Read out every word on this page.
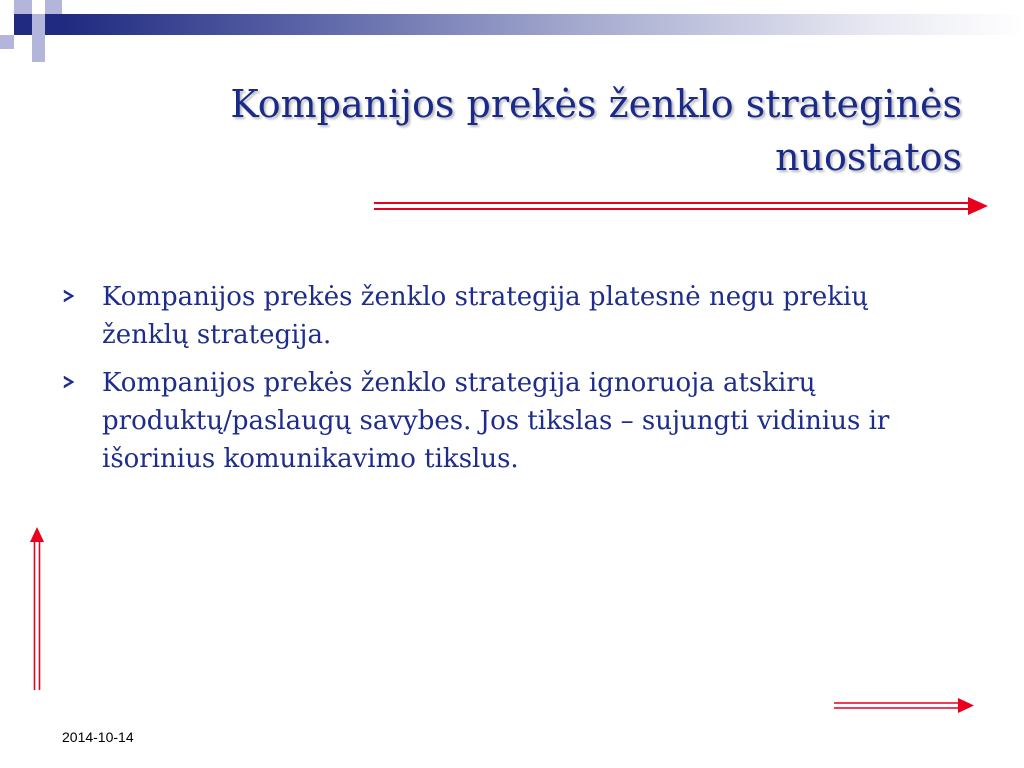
Kompanijos prekės ženklo strateginės nuostatos
Kompanijos prekės ženklo strategija platesnė negu prekių ženklų strategija.
Kompanijos prekės ženklo strategija ignoruoja atskirų produktų/paslaugų savybes. Jos tikslas – sujungti vidinius ir išorinius komunikavimo tikslus.
2014-10-14
